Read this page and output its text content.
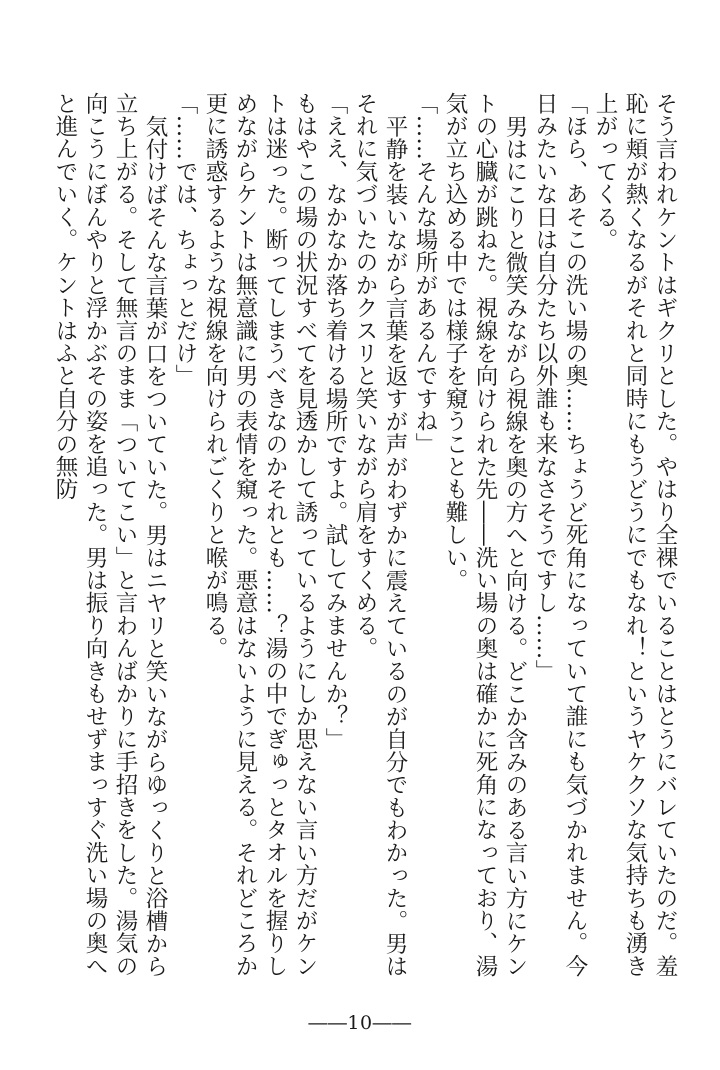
そう言われケントはギクリとした。やはり全裸でいることはとうにバレていたのだ。羞恥に頬が熱くなるがそれと同時にもうどうにでもなれ！というヤケクソな気持ちも湧き上がってくる。

「ほら、あそこの洗い場の奥……ちょうど死角になっていて誰にも気づかれません。今日みたいな日は自分たち以外誰も来なさそうですし……」

男はにこりと微笑みながら視線を奥の方へと向ける。どこか含みのある言い方にケントの心臓が跳ねた。視線を向けられた先――洗い場の奥は確かに死角になっており、湯気が立ち込める中では様子を窺うことも難しい。

「……そんな場所があるんですね」

平静を装いながら言葉を返すが声がわずかに震えているのが自分でもわかった。男はそれに気づいたのかクスリと笑いながら肩をすくめる。

「ええ、なかなか落ち着ける場所ですよ。試してみませんか？」

もはやこの場の状況すべてを見透かして誘っているようにしか思えない言い方だがケントは迷った。断ってしまうべきなのかそれとも……？湯の中でぎゅっとタオルを握りしめながらケントは無意識に男の表情を窺った。悪意はないように見える。それどころか更に誘惑するような視線を向けられごくりと喉が鳴る。

「……では、ちょっとだけ」

気付けばそんな言葉が口をついていた。男はニヤリと笑いながらゆっくりと浴槽から立ち上がる。そして無言のまま「ついてこい」と言わんばかりに手招きをした。湯気の向こうにぼんやりと浮かぶその姿を追った。男は振り向きもせずまっすぐ洗い場の奥へと進んでいく。ケントはふと自分の無防

――10――
